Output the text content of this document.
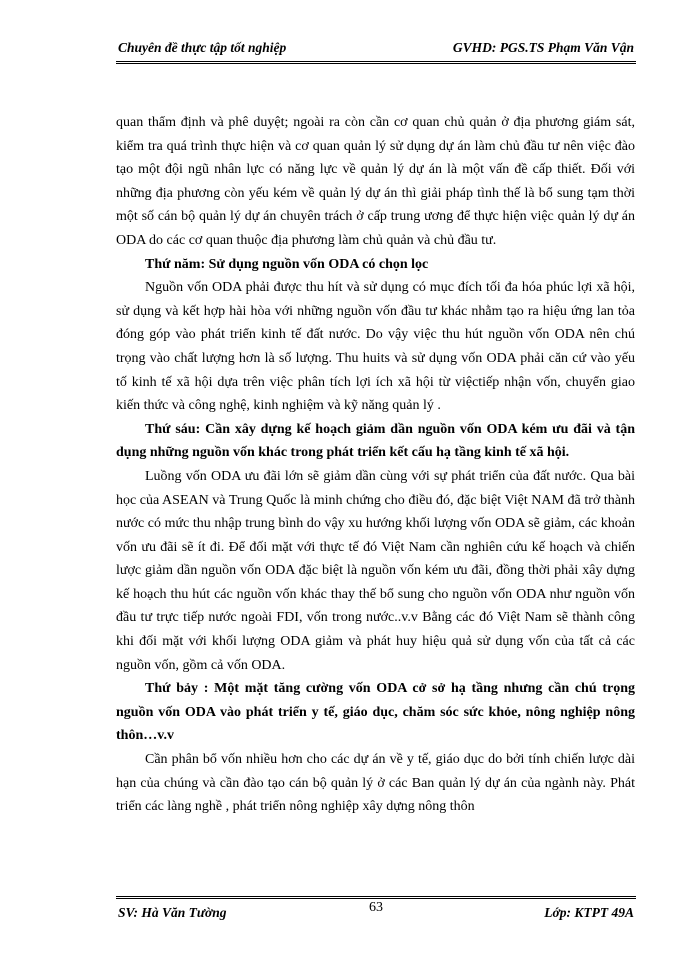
Chuyên đề thực tập tốt nghiệp	GVHD: PGS.TS Phạm Văn Vận

quan thẩm định và phê duyệt; ngoài ra còn cần cơ quan chủ quản ở địa phương giám sát, kiểm tra quá trình thực hiện và cơ quan quản lý sử dụng dự án làm chủ đầu tư nên việc đào tạo một đội ngũ nhân lực có năng lực về quản lý dự án là một vấn đề cấp thiết. Đối với những địa phương còn yếu kém về quản lý dự án thì giải pháp tình thế là bổ sung tạm thời một số cán bộ quản lý dự án chuyên trách ở cấp trung ương để thực hiện việc quản lý dự án ODA do các cơ quan thuộc địa phương làm chủ quản và chủ đầu tư.

Thứ năm: Sử dụng nguồn vốn ODA có chọn lọc

Nguồn vốn ODA phải được thu hít và sử dụng có mục đích tối đa hóa phúc lợi xã hội, sử dụng và kết hợp hài hòa với những nguồn vốn đầu tư khác nhằm tạo ra hiệu ứng lan tỏa đóng góp vào phát triển kinh tế đất nước. Do vậy việc thu hút nguồn vốn ODA nên chú trọng vào chất lượng hơn là số lượng. Thu huits và sử dụng vốn ODA phải căn cứ vào yếu tố kinh tế xã hội dựa trên việc phân tích lợi ích xã hội từ việctiếp nhận vốn, chuyển giao kiến thức và công nghệ, kinh nghiệm và kỹ năng quản lý .

Thứ sáu: Cần xây dựng kế hoạch giảm dần nguồn vốn ODA kém ưu đãi và tận dụng những nguồn vốn khác trong phát triển kết cấu hạ tầng kinh tế xã hội.

Luồng vốn ODA ưu đãi lớn sẽ giảm dần cùng với sự phát triển của đất nước. Qua bài học của ASEAN và Trung Quốc là minh chứng cho điều đó, đặc biệt Việt NAM đã trở thành nước có mức thu nhập trung bình do vậy xu hướng khối lượng vốn ODA sẽ giảm, các khoản vốn ưu đãi sẽ ít đi. Để đối mặt với thực tế đó Việt Nam cần nghiên cứu kế hoạch và chiến lược giảm dần nguồn vốn ODA đặc biệt là nguồn vốn kém ưu đãi, đồng thời phải xây dựng kế hoạch thu hút các nguồn vốn khác thay thế bổ sung cho nguồn vốn ODA như nguồn vốn đầu tư trực tiếp nước ngoài FDI, vốn trong nước..v.v Bằng các đó Việt Nam sẽ thành công khi đối mặt với khối lượng ODA giảm và phát huy hiệu quả sử dụng vốn của tất cả các nguồn vốn, gồm cả vốn ODA.

Thứ bảy : Một mặt tăng cường vốn ODA cở sở hạ tầng nhưng cần chú trọng nguồn vốn ODA vào phát triển y tế, giáo dục, chăm sóc sức khỏe, nông nghiệp nông thôn…v.v

Cần phân bổ vốn nhiều hơn cho các dự án về y tế, giáo dục do bởi tính chiến lược dài hạn của chúng và cần đào tạo cán bộ quản lý ở các Ban quản lý dự án của ngành này. Phát triển các làng nghề , phát triển nông nghiệp xây dựng nông thôn

SV: Hà Văn Tường	63	Lớp: KTPT 49A
